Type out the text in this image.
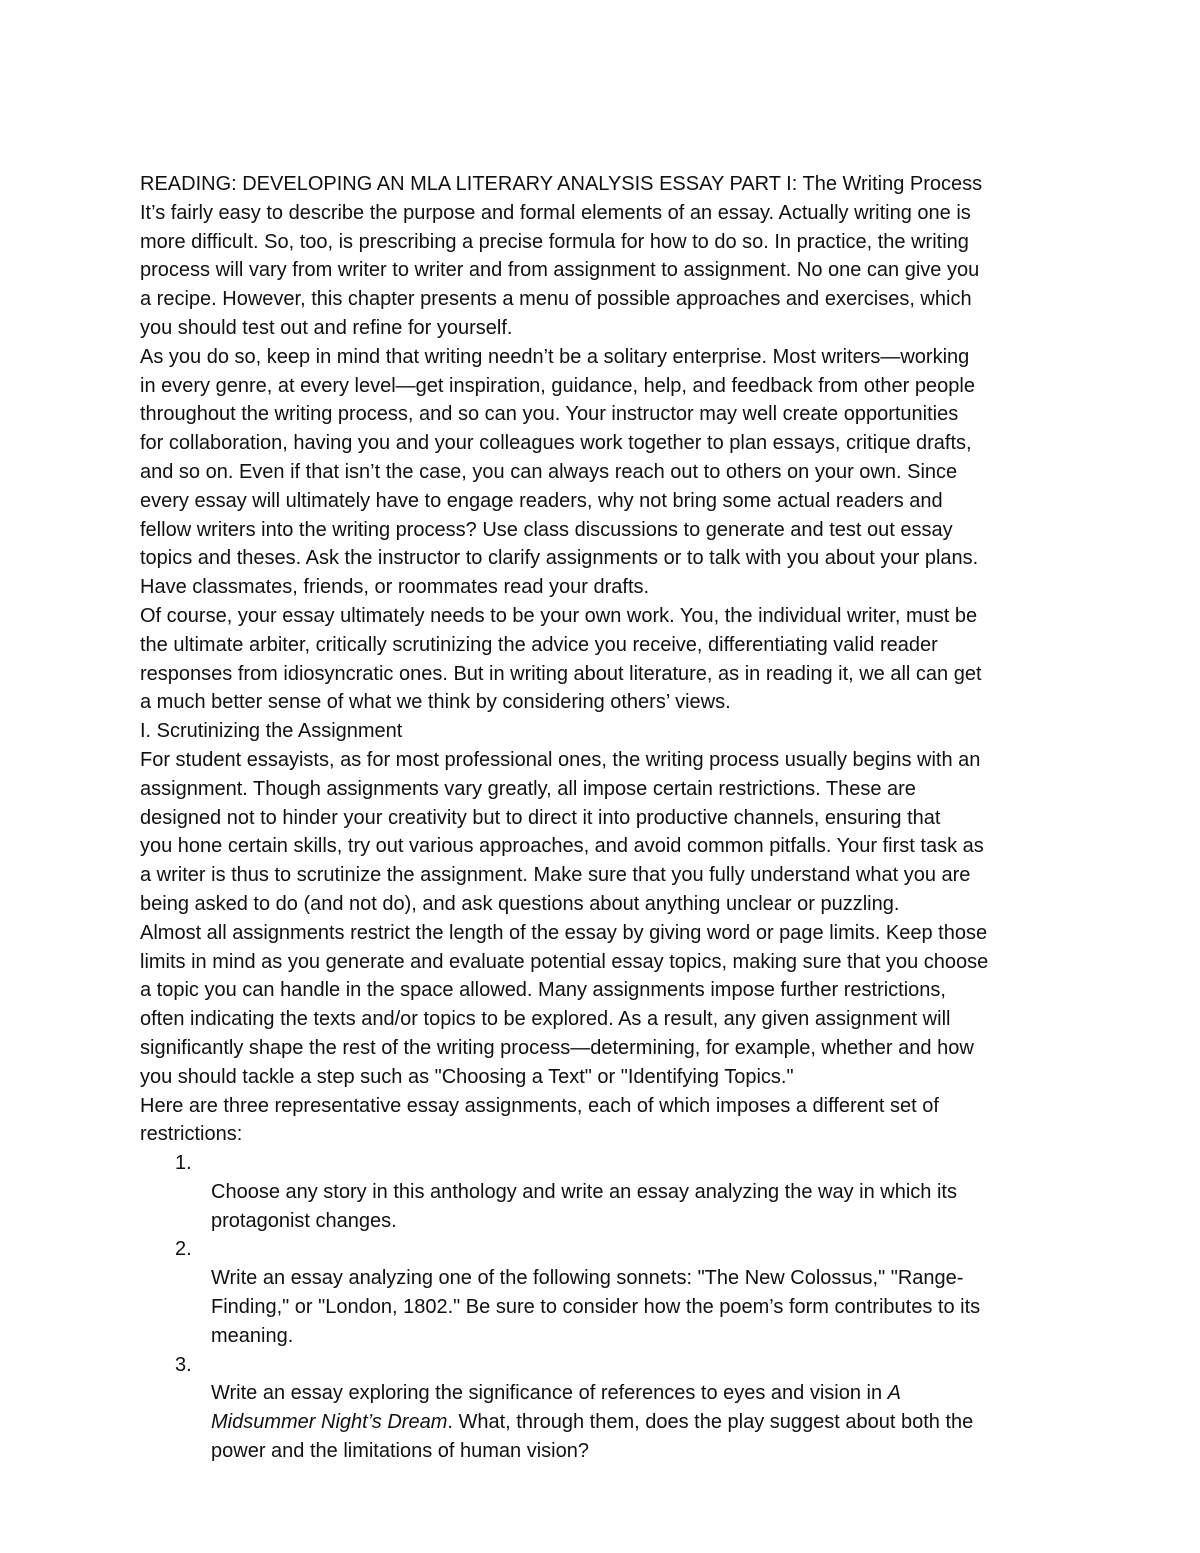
READING: DEVELOPING AN MLA LITERARY ANALYSIS ESSAY PART I: The Writing Process

It’s fairly easy to describe the purpose and formal elements of an essay. Actually writing one is
more difficult. So, too, is prescribing a precise formula for how to do so. In practice, the writing
process will vary from writer to writer and from assignment to assignment. No one can give you
a recipe. However, this chapter presents a menu of possible approaches and exercises, which
you should test out and refine for yourself.

As you do so, keep in mind that writing needn’t be a solitary enterprise. Most writers—working
in every genre, at every level—get inspiration, guidance, help, and feedback from other people
throughout the writing process, and so can you. Your instructor may well create opportunities
for collaboration, having you and your colleagues work together to plan essays, critique drafts,
and so on. Even if that isn’t the case, you can always reach out to others on your own. Since
every essay will ultimately have to engage readers, why not bring some actual readers and
fellow writers into the writing process? Use class discussions to generate and test out essay
topics and theses. Ask the instructor to clarify assignments or to talk with you about your plans.
Have classmates, friends, or roommates read your drafts.

Of course, your essay ultimately needs to be your own work. You, the individual writer, must be
the ultimate arbiter, critically scrutinizing the advice you receive, differentiating valid reader
responses from idiosyncratic ones. But in writing about literature, as in reading it, we all can get
a much better sense of what we think by considering others’ views.

I. Scrutinizing the Assignment

For student essayists, as for most professional ones, the writing process usually begins with an
assignment. Though assignments vary greatly, all impose certain restrictions. These are
designed not to hinder your creativity but to direct it into productive channels, ensuring that
you hone certain skills, try out various approaches, and avoid common pitfalls. Your first task as
a writer is thus to scrutinize the assignment. Make sure that you fully understand what you are
being asked to do (and not do), and ask questions about anything unclear or puzzling.

Almost all assignments restrict the length of the essay by giving word or page limits. Keep those
limits in mind as you generate and evaluate potential essay topics, making sure that you choose
a topic you can handle in the space allowed. Many assignments impose further restrictions,
often indicating the texts and/or topics to be explored. As a result, any given assignment will
significantly shape the rest of the writing process—determining, for example, whether and how
you should tackle a step such as "Choosing a Text" or "Identifying Topics."

Here are three representative essay assignments, each of which imposes a different set of
restrictions:

1.
Choose any story in this anthology and write an essay analyzing the way in which its
protagonist changes.

2.
Write an essay analyzing one of the following sonnets: "The New Colossus," "Range-
Finding," or "London, 1802." Be sure to consider how the poem’s form contributes to its
meaning.

3.
Write an essay exploring the significance of references to eyes and vision in A
Midsummer Night’s Dream. What, through them, does the play suggest about both the
power and the limitations of human vision?
